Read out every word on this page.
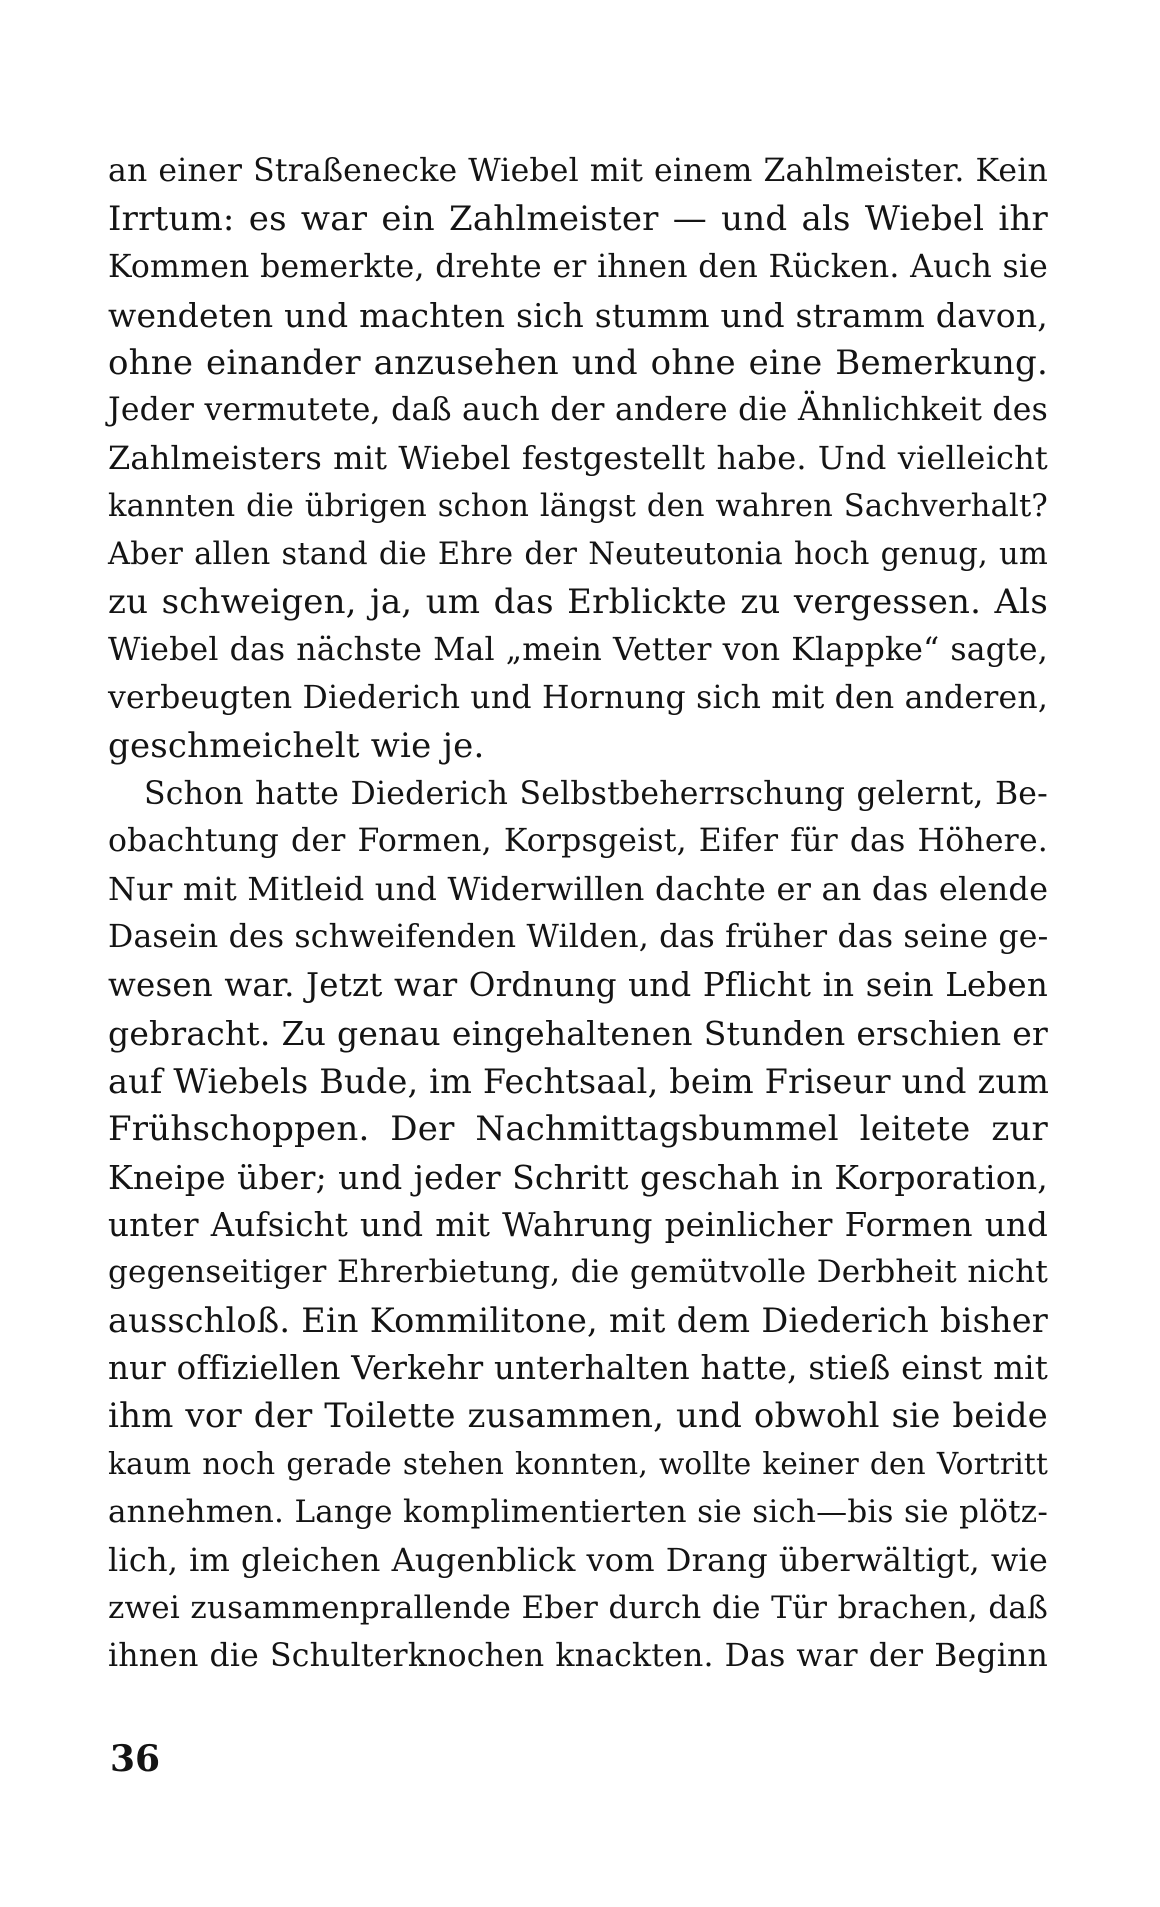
an einer Straßenecke Wiebel mit einem Zahlmeister. Kein
Irrtum: es war ein Zahlmeister — und als Wiebel ihr
Kommen bemerkte, drehte er ihnen den Rücken. Auch sie
wendeten und machten sich stumm und stramm davon,
ohne einander anzusehen und ohne eine Bemerkung.
Jeder vermutete, daß auch der andere die Ähnlichkeit des
Zahlmeisters mit Wiebel festgestellt habe. Und vielleicht
kannten die übrigen schon längst den wahren Sachverhalt?
Aber allen stand die Ehre der Neuteutonia hoch genug, um
zu schweigen, ja, um das Erblickte zu vergessen. Als
Wiebel das nächste Mal „mein Vetter von Klappke“ sagte,
verbeugten Diederich und Hornung sich mit den anderen,
geschmeichelt wie je.
Schon hatte Diederich Selbstbeherrschung gelernt, Be-
obachtung der Formen, Korpsgeist, Eifer für das Höhere.
Nur mit Mitleid und Widerwillen dachte er an das elende
Dasein des schweifenden Wilden, das früher das seine ge-
wesen war. Jetzt war Ordnung und Pflicht in sein Leben
gebracht. Zu genau eingehaltenen Stunden erschien er
auf Wiebels Bude, im Fechtsaal, beim Friseur und zum
Frühschoppen. Der Nachmittagsbummel leitete zur
Kneipe über; und jeder Schritt geschah in Korporation,
unter Aufsicht und mit Wahrung peinlicher Formen und
gegenseitiger Ehrerbietung, die gemütvolle Derbheit nicht
ausschloß. Ein Kommilitone, mit dem Diederich bisher
nur offiziellen Verkehr unterhalten hatte, stieß einst mit
ihm vor der Toilette zusammen, und obwohl sie beide
kaum noch gerade stehen konnten, wollte keiner den Vortritt
annehmen. Lange komplimentierten sie sich—bis sie plötz-
lich, im gleichen Augenblick vom Drang überwältigt, wie
zwei zusammenprallende Eber durch die Tür brachen, daß
ihnen die Schulterknochen knackten. Das war der Beginn
36
